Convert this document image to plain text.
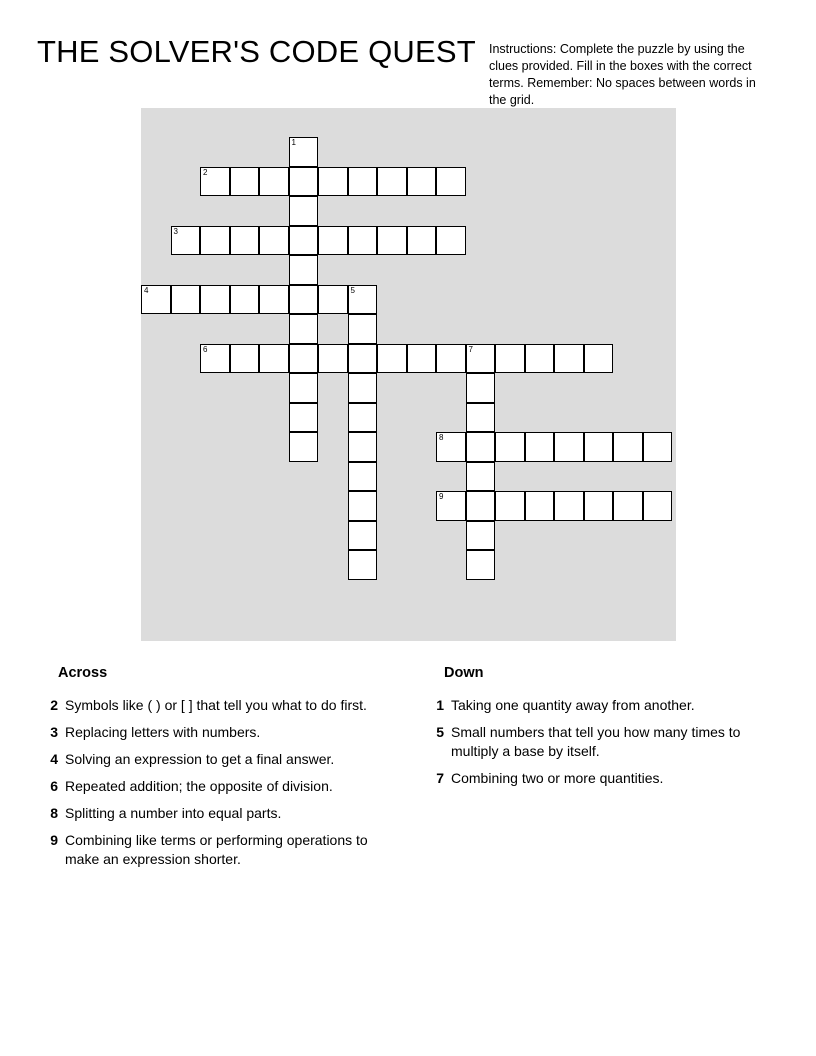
THE SOLVER'S CODE QUEST Instructions: Complete the puzzle by using the clues provided. Fill in the boxes with the correct terms. Remember: No spaces between words in the grid.
1
2
3
4	5
6	7
8
9
Across
2 Symbols like ( ) or [ ] that tell you what to do first.
3 Replacing letters with numbers.
4 Solving an expression to get a final answer.
6 Repeated addition; the opposite of division.
8 Splitting a number into equal parts.
9 Combining like terms or performing operations to make an expression shorter.
Down
1 Taking one quantity away from another.
5 Small numbers that tell you how many times to multiply a base by itself.
7 Combining two or more quantities.
